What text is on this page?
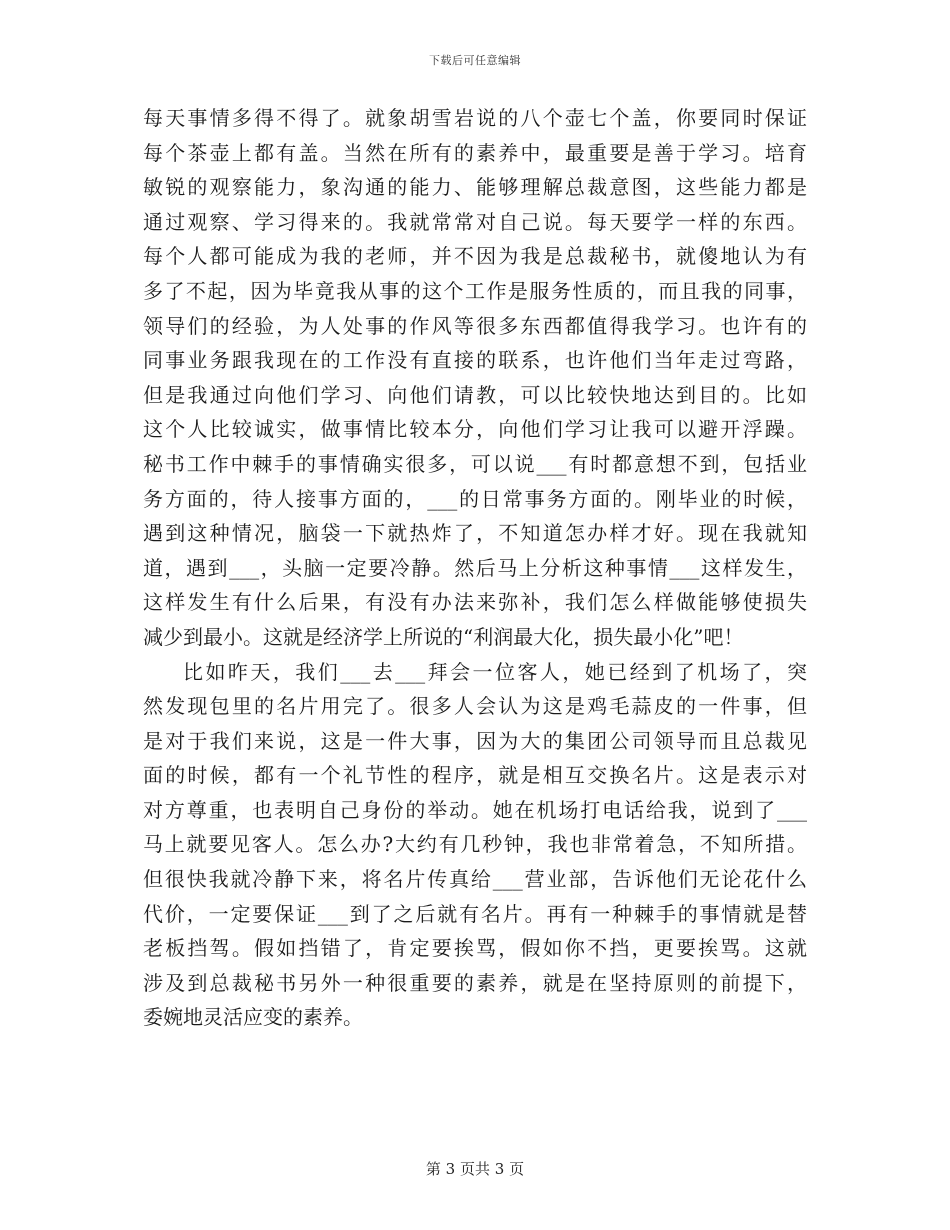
下载后可任意编辑
每天事情多得不得了。就象胡雪岩说的八个壶七个盖，你要同时保证
每个茶壶上都有盖。当然在所有的素养中，最重要是善于学习。培育
敏锐的观察能力，象沟通的能力、能够理解总裁意图，这些能力都是
通过观察、学习得来的。我就常常对自己说。每天要学一样的东西。
每个人都可能成为我的老师，并不因为我是总裁秘书，就傻地认为有
多了不起，因为毕竟我从事的这个工作是服务性质的，而且我的同事，
领导们的经验，为人处事的作风等很多东西都值得我学习。也许有的
同事业务跟我现在的工作没有直接的联系，也许他们当年走过弯路，
但是我通过向他们学习、向他们请教，可以比较快地达到目的。比如
这个人比较诚实，做事情比较本分，向他们学习让我可以避开浮躁。
秘书工作中棘手的事情确实很多，可以说___有时都意想不到，包括业
务方面的，待人接事方面的，___的日常事务方面的。刚毕业的时候，
遇到这种情况，脑袋一下就热炸了，不知道怎办样才好。现在我就知
道，遇到___，头脑一定要冷静。然后马上分析这种事情___这样发生，
这样发生有什么后果，有没有办法来弥补，我们怎么样做能够使损失
减少到最小。这就是经济学上所说的“利润最大化，损失最小化”吧！
比如昨天，我们___去___拜会一位客人，她已经到了机场了，突
然发现包里的名片用完了。很多人会认为这是鸡毛蒜皮的一件事，但
是对于我们来说，这是一件大事，因为大的集团公司领导而且总裁见
面的时候，都有一个礼节性的程序，就是相互交换名片。这是表示对
对方尊重，也表明自己身份的举动。她在机场打电话给我，说到了___
马上就要见客人。怎么办?大约有几秒钟，我也非常着急，不知所措。
但很快我就冷静下来，将名片传真给___营业部，告诉他们无论花什么
代价，一定要保证___到了之后就有名片。再有一种棘手的事情就是替
老板挡驾。假如挡错了，肯定要挨骂，假如你不挡，更要挨骂。这就
涉及到总裁秘书另外一种很重要的素养，就是在坚持原则的前提下，
委婉地灵活应变的素养。
第 3 页共 3 页
